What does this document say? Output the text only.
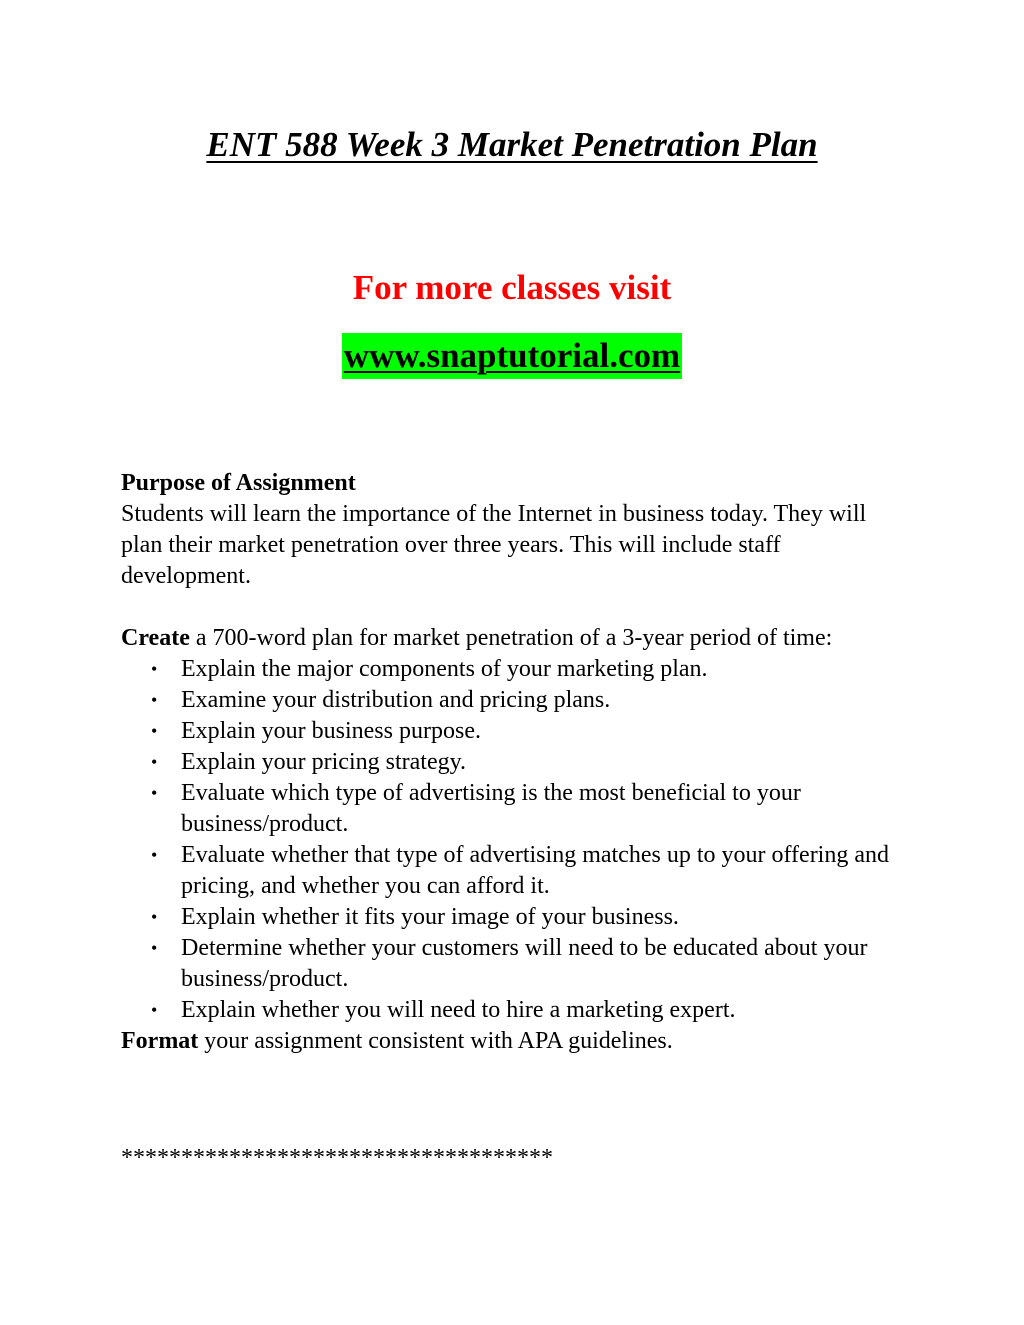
ENT 588 Week 3 Market Penetration Plan
For more classes visit
www.snaptutorial.com

Purpose of Assignment

Students will learn the importance of the Internet in business today. They will plan their market penetration over three years. This will include staff development.

Create a 700-word plan for market penetration of a 3-year period of time:

• Explain the major components of your marketing plan.
• Examine your distribution and pricing plans.
• Explain your business purpose.
• Explain your pricing strategy.
• Evaluate which type of advertising is the most beneficial to your business/product.
• Evaluate whether that type of advertising matches up to your offering and pricing, and whether you can afford it.
• Explain whether it fits your image of your business.
• Determine whether your customers will need to be educated about your business/product.
• Explain whether you will need to hire a marketing expert.

Format your assignment consistent with APA guidelines.

************************************
